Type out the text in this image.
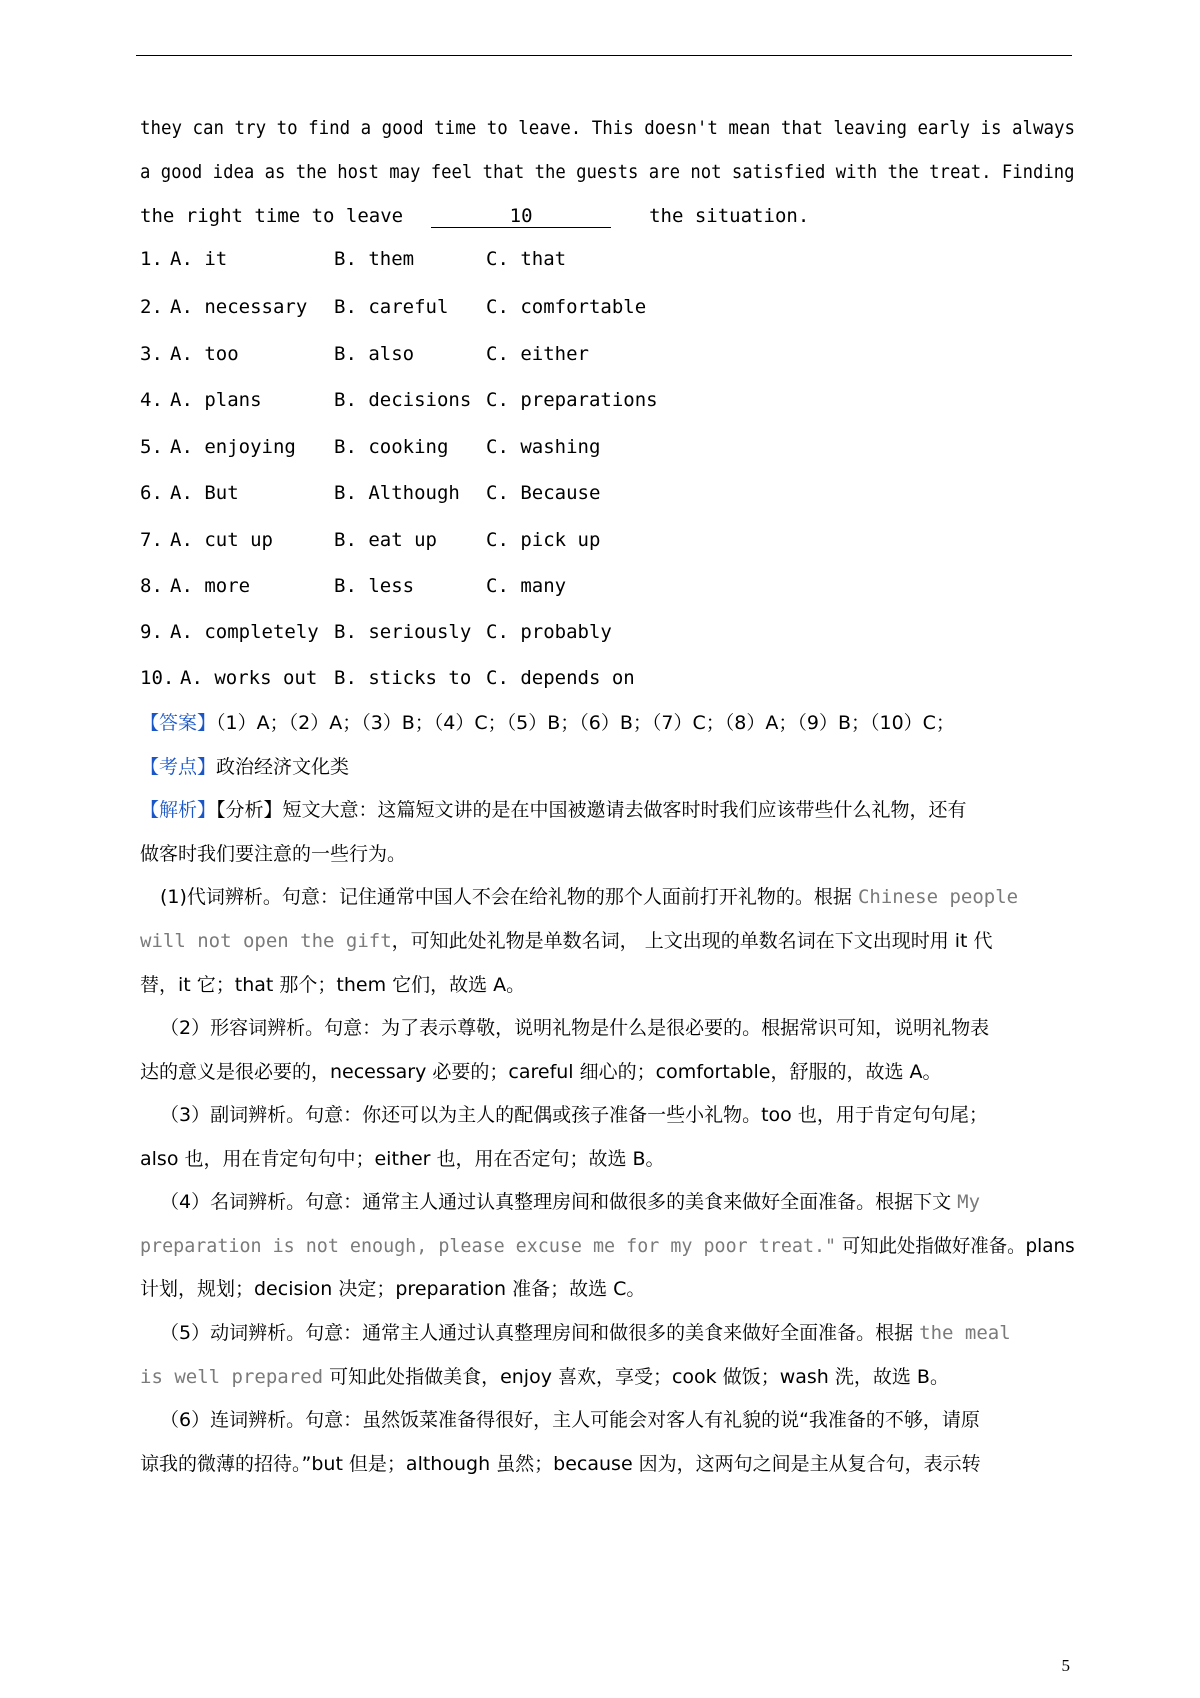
they can try to find a good time to leave. This doesn't mean that leaving early is always
a good idea as the host may feel that the guests are not satisfied with the treat. Finding
the right time to leave	10	the situation.
1. A. it	B. them	C. that
2. A. necessary B. careful C. comfortable
3. A. too	B. also	C. either
4. A. plans	B. decisions C. preparations
5. A. enjoying B. cooking C. washing
6. A. But	B. Although C. Because
7. A. cut up	B. eat up	C. pick up
8. A. more	B. less	C. many
9. A. completely B. seriously C. probably
10. A. works out B. sticks to C. depends on
【答案】（1）A；（2）A；（3）B；（4）C；（5）B；（6）B；（7）C；（8）A；（9）B；（10）C；
【考点】政治经济文化类
【解析】【分析】短文大意：这篇短文讲的是在中国被邀请去做客时时我们应该带些什么礼物，还有
做客时我们要注意的一些行为。
(1)代词辨析。句意：记住通常中国人不会在给礼物的那个人面前打开礼物的。根据 Chinese people
will not open the gift，可知此处礼物是单数名词， 上文出现的单数名词在下文出现时用 it 代
替，it 它；that 那个；them 它们，故选 A。
（2）形容词辨析。句意：为了表示尊敬，说明礼物是什么是很必要的。根据常识可知，说明礼物表
达的意义是很必要的，necessary 必要的；careful 细心的；comfortable，舒服的，故选 A。
（3）副词辨析。句意：你还可以为主人的配偶或孩子准备一些小礼物。too 也，用于肯定句句尾；
also 也，用在肯定句句中；either 也，用在否定句；故选 B。
（4）名词辨析。句意：通常主人通过认真整理房间和做很多的美食来做好全面准备。根据下文 My
preparation is not enough, please excuse me for my poor treat." 可知此处指做好准备。plans
计划，规划；decision 决定；preparation 准备；故选 C。
（5）动词辨析。句意：通常主人通过认真整理房间和做很多的美食来做好全面准备。根据 the meal
is well prepared 可知此处指做美食，enjoy 喜欢，享受；cook 做饭；wash 洗，故选 B。
（6）连词辨析。句意：虽然饭菜准备得很好，主人可能会对客人有礼貌的说“我准备的不够，请原
谅我的微薄的招待。”but 但是；although 虽然；because 因为，这两句之间是主从复合句，表示转
5
